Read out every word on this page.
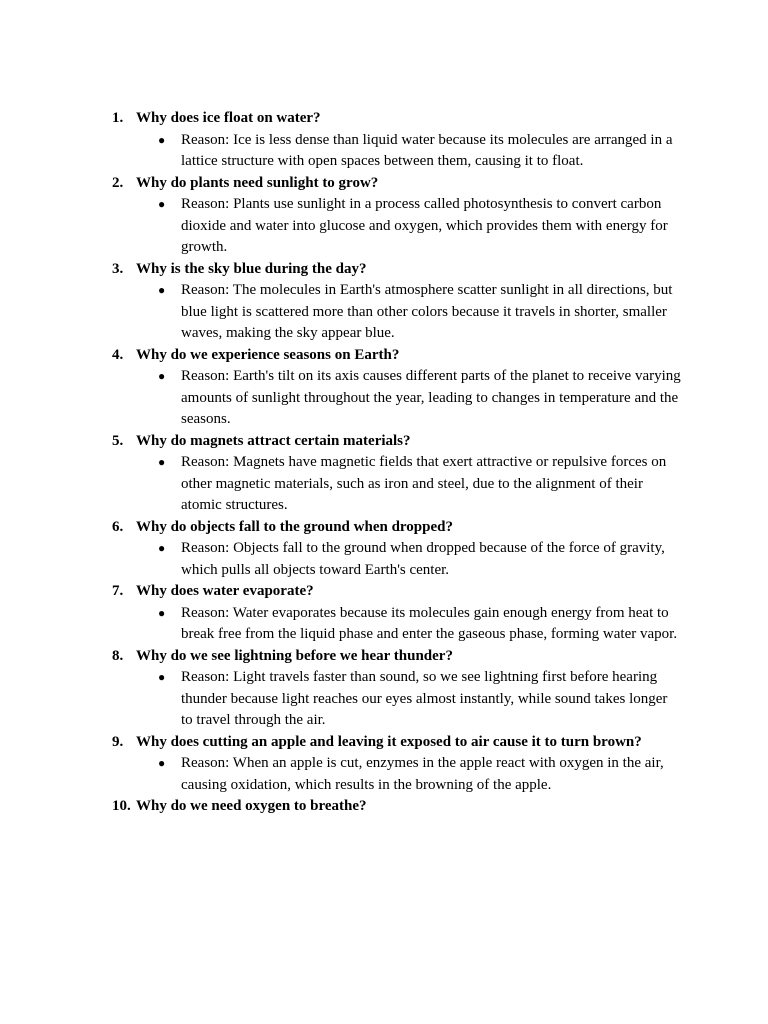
1. Why does ice float on water?
● Reason: Ice is less dense than liquid water because its molecules are arranged in a lattice structure with open spaces between them, causing it to float.
2. Why do plants need sunlight to grow?
● Reason: Plants use sunlight in a process called photosynthesis to convert carbon dioxide and water into glucose and oxygen, which provides them with energy for growth.
3. Why is the sky blue during the day?
● Reason: The molecules in Earth's atmosphere scatter sunlight in all directions, but blue light is scattered more than other colors because it travels in shorter, smaller waves, making the sky appear blue.
4. Why do we experience seasons on Earth?
● Reason: Earth's tilt on its axis causes different parts of the planet to receive varying amounts of sunlight throughout the year, leading to changes in temperature and the seasons.
5. Why do magnets attract certain materials?
● Reason: Magnets have magnetic fields that exert attractive or repulsive forces on other magnetic materials, such as iron and steel, due to the alignment of their atomic structures.
6. Why do objects fall to the ground when dropped?
● Reason: Objects fall to the ground when dropped because of the force of gravity, which pulls all objects toward Earth's center.
7. Why does water evaporate?
● Reason: Water evaporates because its molecules gain enough energy from heat to break free from the liquid phase and enter the gaseous phase, forming water vapor.
8. Why do we see lightning before we hear thunder?
● Reason: Light travels faster than sound, so we see lightning first before hearing thunder because light reaches our eyes almost instantly, while sound takes longer to travel through the air.
9. Why does cutting an apple and leaving it exposed to air cause it to turn brown?
● Reason: When an apple is cut, enzymes in the apple react with oxygen in the air, causing oxidation, which results in the browning of the apple.
10. Why do we need oxygen to breathe?
